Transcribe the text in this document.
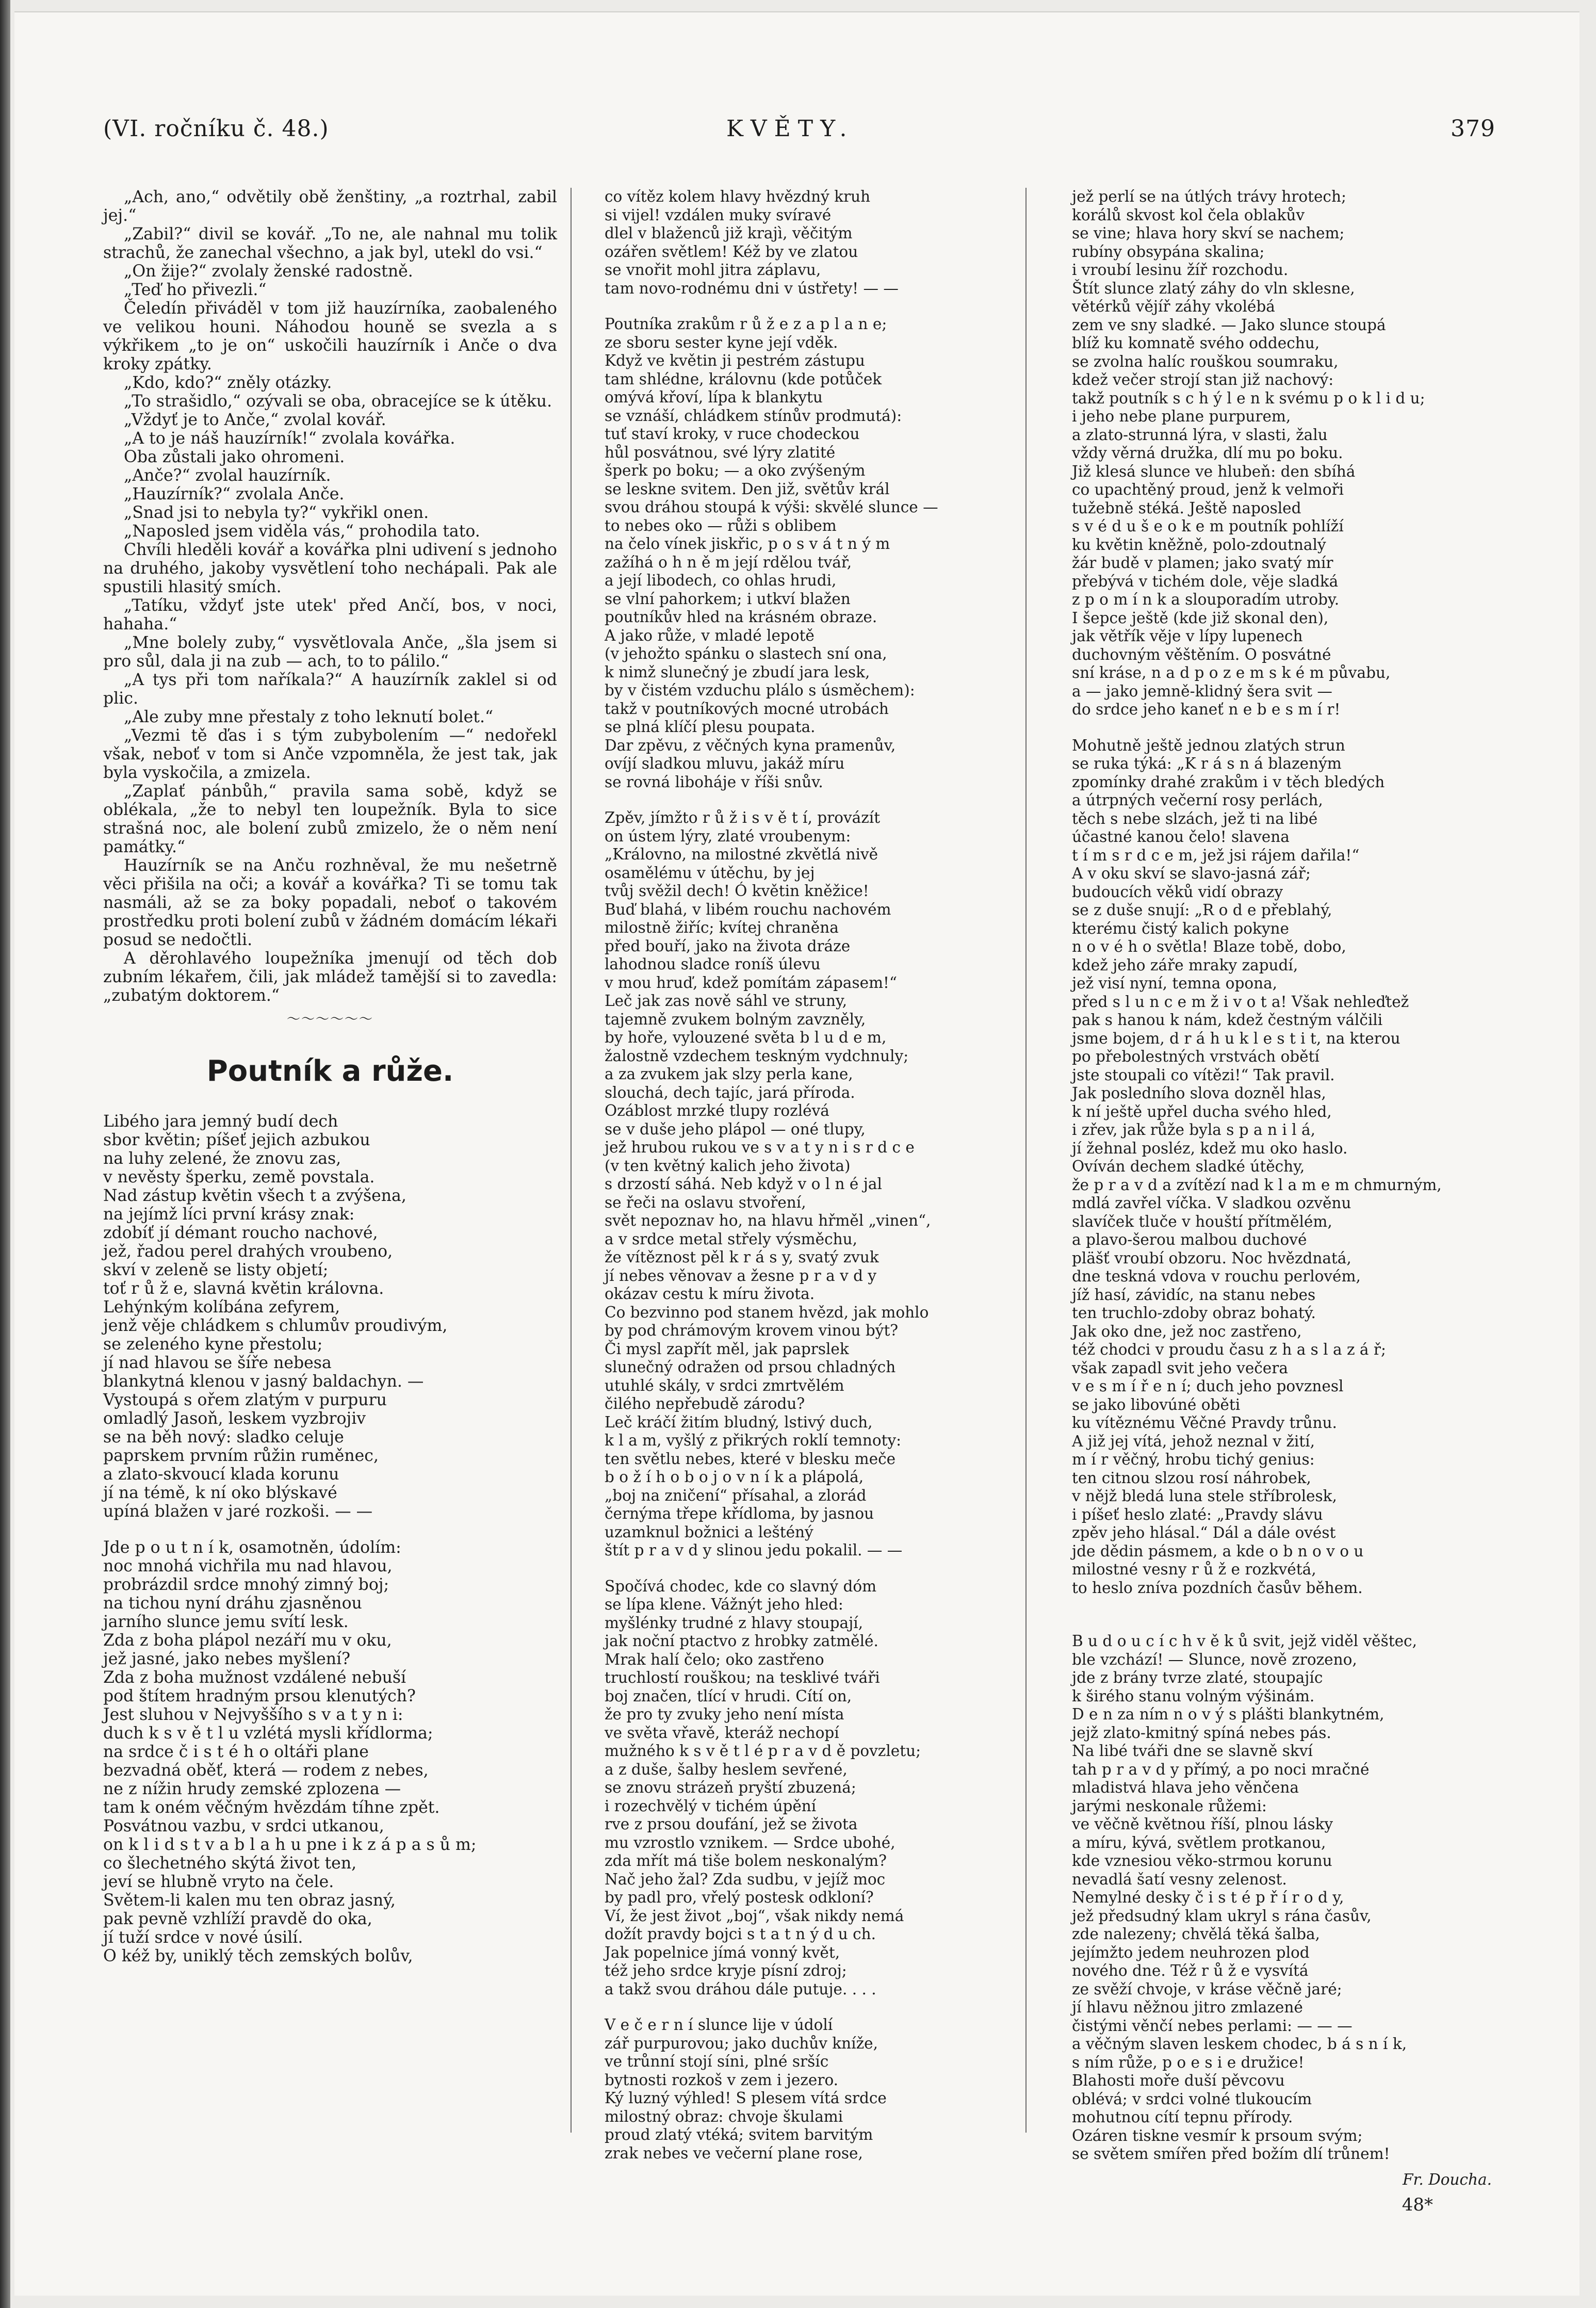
(VI. ročníku č. 48.)	KVĚTY.	379

„Ach, ano,“ odvětily obě ženštiny, „a roztrhal, zabil jej.“

„Zabil?“ divil se kovář. „To ne, ale nahnal mu tolik strachů, že zanechal všechno, a jak byl, utekl do vsi.“

„On žije?“ zvolaly ženské radostně.

„Teď ho přivezli.“

Čeledín přiváděl v tom již hauzírníka, zaobaleného ve velikou houni. Náhodou houně se svezla a s výkřikem „to je on“ uskočili hauzírník i Anče o dva kroky zpátky.

„Kdo, kdo?“ zněly otázky.

„To strašidlo,“ ozývali se oba, obracejíce se k útěku.

„Vždyť je to Anče,“ zvolal kovář.

„A to je náš hauzírník!“ zvolala kovářka.

Oba zůstali jako ohromeni.

„Anče?“ zvolal hauzírník.

„Hauzírník?“ zvolala Anče.

„Snad jsi to nebyla ty?“ vykřikl onen.

„Naposled jsem viděla vás,“ prohodila tato.

Chvíli hleděli kovář a kovářka plni udivení s jednoho na druhého, jakoby vysvětlení toho nechápali. Pak ale spustili hlasitý smích.

„Tatíku, vždyť jste utek' před Ančí, bos, v noci, hahaha.“

„Mne bolely zuby,“ vysvětlovala Anče, „šla jsem si pro sůl, dala ji na zub — ach, to to pálilo.“

„A tys při tom naříkala?“ A hauzírník zaklel si od plic.

„Ale zuby mne přestaly z toho leknutí bolet.“

„Vezmi tě ďas i s tým zubybolením —“ nedořekl však, neboť v tom si Anče vzpomněla, že jest tak, jak byla vyskočila, a zmizela.

„Zaplať pánbůh,“ pravila sama sobě, když se oblékala, „že to nebyl ten loupežník. Byla to sice strašná noc, ale bolení zubů zmizelo, že o něm není památky.“

Hauzírník se na Anču rozhněval, že mu nešetrně věci přišila na oči; a kovář a kovářka? Ti se tomu tak nasmáli, až se za boky popadali, neboť o takovém prostředku proti bolení zubů v žádném domácím lékaři posud se nedočtli.

A děrohlavého loupežníka jmenují od těch dob zubním lékařem, čili, jak mládež tamější si to zavedla: „zubatým doktorem.“

〜〜〜〜〜〜
Poutník a růže.

Libého jara jemný budí dech
sbor květin; píšeť jejich azbukou
na luhy zelené, že znovu zas,
v nevěsty šperku, země povstala.
Nad zástup květin všech t a zvýšena,
na jejímž líci první krásy znak:
zdobíť jí démant roucho nachové,
jež, řadou perel drahých vroubeno,
skví v zeleně se listy objetí;
toť r ů ž e, slavná květin královna.
Lehýnkým kolíbána zefyrem,
jenž věje chládkem s chlumův proudivým,
se zeleného kyne přestolu;
jí nad hlavou se šíře nebesa
blankytná klenou v jasný baldachyn. —
Vystoupá s ořem zlatým v purpuru
omladlý Jasoň, leskem vyzbrojiv
se na běh nový: sladko celuje
paprskem prvním růžin ruměnec,
a zlato-skvoucí klada korunu
jí na témě, k ní oko blýskavé
upíná blažen v jaré rozkoši. — —

Jde p o u t n í k, osamotněn, údolím:
noc mnohá vichřila mu nad hlavou,
probrázdil srdce mnohý zimný boj;
na tichou nyní dráhu zjasněnou
jarního slunce jemu svítí lesk.
Zda z boha plápol nezáří mu v oku,
jež jasné, jako nebes myšlení?
Zda z boha mužnost vzdálené nebuší
pod štítem hradným prsou klenutých?
Jest sluhou v Nejvyššího s v a t y n i:
duch k s v ě t l u vzlétá mysli křídlorma;
na srdce č i s t é h o oltáři plane
bezvadná oběť, která — rodem z nebes,
ne z nížin hrudy zemské zplozena —
tam k oném věčným hvězdám tíhne zpět.
Posvátnou vazbu, v srdci utkanou,
on k l i d s t v a b l a h u pne i k z á p a s ů m;
co šlechetného skýtá život ten,
jeví se hlubně vryto na čele.
Světem-li kalen mu ten obraz jasný,
pak pevně vzhlíží pravdě do oka,
jí tuží srdce v nové úsilí.
O kéž by, uniklý těch zemských bolův,

co vítěz kolem hlavy hvězdný kruh
si vijel! vzdálen muky svíravé
dlel v blaženců již krajì, věčitým
ozářen světlem! Kéž by ve zlatou
se vnořit mohl jitra záplavu,
tam novo-rodnému dni v ústřety! — —

Poutníka zrakům r ů ž e z a p l a n e;
ze sboru sester kyne její vděk.
Když ve květin ji pestrém zástupu
tam shlédne, královnu (kde potůček
omývá křoví, lípa k blankytu
se vznáší, chládkem stínův prodmutá):
tuť staví kroky, v ruce chodeckou
hůl posvátnou, své lýry zlatité
šperk po boku; — a oko zvýšeným
se leskne svitem. Den již, světův král
svou dráhou stoupá k výši: skvělé slunce —
to nebes oko — růži s oblibem
na čelo vínek jiskřic, p o s v á t n ý m
zažíhá o h n ě m její rdělou tvář,
a její libodech, co ohlas hrudi,
se vlní pahorkem; i utkví blažen
poutníkův hled na krásném obraze.
A jako růže, v mladé lepotě
(v jehožto spánku o slastech sní ona,
k nimž slunečný je zbudí jara lesk,
by v čistém vzduchu plálo s úsměchem):
takž v poutníkových mocné utrobách
se plná klíčí plesu poupata.
Dar zpěvu, z věčných kyna pramenův,
ovíjí sladkou mluvu, jakáž míru
se rovná liboháje v říši snův.

Zpěv, jímžto r ů ž i s v ě t í, provázít
on ústem lýry, zlaté vroubenym:
„Královno, na milostné zkvětlá nivě
osamělému v útěchu, by jej
tvůj svěžil dech! Ó květin kněžice!
Buď blahá, v libém rouchu nachovém
milostně žiříc; kvítej chraněna
před bouří, jako na života dráze
lahodnou sladce roníš úlevu
v mou hruď, kdež pomítám zápasem!“
Leč jak zas nově sáhl ve struny,
tajemně zvukem bolným zavzněly,
by hoře, vylouzené světa b l u d e m,
žalostně vzdechem teskným vydchnuly;
a za zvukem jak slzy perla kane,
slouchá, dech tajíc, jará příroda.
Ozáblost mrzké tlupy rozlévá
se v duše jeho plápol — oné tlupy,
jež hrubou rukou ve s v a t y n i s r d c e
(v ten květný kalich jeho života)
s drzostí sáhá. Neb když v o l n é jal
se řeči na oslavu stvoření,
svět nepoznav ho, na hlavu hřměl „vinen“,
a v srdce metal střely výsměchu,
že vítěznost pěl k r á s y, svatý zvuk
jí nebes věnovav a žesne p r a v d y
okázav cestu k míru života.
Co bezvinno pod stanem hvězd, jak mohlo
by pod chrámovým krovem vinou být?
Či mysl zapřít měl, jak paprslek
slunečný odražen od prsou chladných
utuhlé skály, v srdci zmrtvělém
čilého nepřebudě zárodu?
Leč kráčí žitím bludný, lstivý duch,
k l a m, vyšlý z přikrých roklí temnoty:
ten světlu nebes, které v blesku meče
b o ž í h o b o j o v n í k a plápolá,
„boj na zničení“ přísahal, a zlorád
černýma třepe křídloma, by jasnou
uzamknul božnici a lešténý
štít p r a v d y slinou jedu pokalil. — —

Spočívá chodec, kde co slavný dóm
se lípa klene. Vážnýt jeho hled:
myšlénky trudné z hlavy stoupají,
jak noční ptactvo z hrobky zatmělé.
Mrak halí čelo; oko zastřeno
truchlostí rouškou; na tesklivé tváři
boj značen, tlící v hrudi. Cítí on,
že pro ty zvuky jeho není místa
ve světa vřavě, kteráž nechopí
mužného k s v ě t l é p r a v d ě povzletu;
a z duše, šalby heslem sevřené,
se znovu strázeň pryští zbuzená;
i rozechvělý v tichém úpění
rve z prsou doufání, jež se života
mu vzrostlo vznikem. — Srdce ubohé,
zda mřít má tiše bolem neskonalým?
Nač jeho žal? Zda sudbu, v jejíž moc
by padl pro, vřelý postesk odkloní?
Ví, že jest život „boj“, však nikdy nemá
dožít pravdy bojci s t a t n ý d u ch.
Jak popelnice jímá vonný květ,
též jeho srdce kryje písní zdroj;
a takž svou dráhou dále putuje. . . .

V e č e r n í slunce lije v údolí
zář purpurovou; jako duchův kníže,
ve trůnní stojí síni, plné sršíc
bytnosti rozkoš v zem i jezero.
Ký luzný výhled! S plesem vítá srdce
milostný obraz: chvoje škulami
proud zlatý vtéká; svitem barvitým
zrak nebes ve večerní plane rose,

jež perlí se na útlých trávy hrotech;
korálů skvost kol čela oblakův
se vine; hlava hory skví se nachem;
rubíny obsypána skalina;
i vroubí lesinu žíř rozchodu.
Štít slunce zlatý záhy do vln sklesne,
větérků vějíř záhy vkolébá
zem ve sny sladké. — Jako slunce stoupá
blíž ku komnatě svého oddechu,
se zvolna halíc rouškou soumraku,
kdež večer strojí stan již nachový:
takž poutník s c h ý l e n k svému p o k l i d u;
i jeho nebe plane purpurem,
a zlato-strunná lýra, v slasti, žalu
vždy věrná družka, dlí mu po boku.
Již klesá slunce ve hlubeň: den sbíhá
co upachtěný proud, jenž k velmoři
tužebně stéká. Ještě naposled
s v é d u š e o k e m poutník pohlíží
ku květin kněžně, polo-zdoutnalý
žár budě v plamen; jako svatý mír
přebývá v tichém dole, věje sladká
z p o m í n k a slouporadím utroby.
I šepce ještě (kde již skonal den),
jak větřík věje v lípy lupenech
duchovným věštěním. O posvátné
sní kráse, n a d p o z e m s k é m půvabu,
a — jako jemně-klidný šera svit —
do srdce jeho kaneť n e b e s m í r!

Mohutně ještě jednou zlatých strun
se ruka týká: „K r á s n á blazeným
zpomínky drahé zrakům i v těch bledých
a útrpných večerní rosy perlách,
těch s nebe slzách, jež ti na libé
účastné kanou čelo! slavena
t í m s r d c e m, jež jsi rájem dařila!“
A v oku skví se slavo-jasná zář;
budoucích věků vidí obrazy
se z duše snují: „R o d e přeblahý,
kterému čistý kalich pokyne
n o v é h o světla! Blaze tobě, dobo,
kdež jeho záře mraky zapudí,
jež visí nyní, temna opona,
před s l u n c e m ž i v o t a! Však nehleďtež
pak s hanou k nám, kdež čestným válčili
jsme bojem, d r á h u k l e s t i t, na kterou
po přebolestných vrstvách obětí
jste stoupali co vítězi!“ Tak pravil.
Jak posledního slova dozněl hlas,
k ní ještě upřel ducha svého hled,
i zřev, jak růže byla s p a n i l á,
jí žehnal posléz, kdež mu oko haslo.
Ovíván dechem sladké útěchy,
že p r a v d a zvítězí nad k l a m e m chmurným,
mdlá zavřel víčka. V sladkou ozvěnu
slavíček tluče v houští přítmělém,
a plavo-šerou malbou duchové
pläšť vroubí obzoru. Noc hvězdnatá,
dne teskná vdova v rouchu perlovém,
jíž hasí, závidíc, na stanu nebes
ten truchlo-zdoby obraz bohatý.
Jak oko dne, jež noc zastřeno,
též chodci v proudu času z h a s l a z á ř;
však zapadl svit jeho večera
v e s m í ř e n í; duch jeho povznesl
se jako libovúné oběti
ku vítěznému Věčné Pravdy trůnu.
A již jej vítá, jehož neznal v žití,
m í r věčný, hrobu tichý genius:
ten citnou slzou rosí náhrobek,
v nějž bledá luna stele stříbrolesk,
i píšeť heslo zlaté: „Pravdy slávu
zpěv jeho hlásal.“ Dál a dále ovést
jde dědin pásmem, a kde o b n o v o u
milostné vesny r ů ž e rozkvétá,
to heslo zníva pozdních časův během.

B u d o u c í c h v ě k ů svit, jejž viděl věštec,
ble vzchází! — Slunce, nově zrozeno,
jde z brány tvrze zlaté, stoupajíc
k širého stanu volným výšinám.
D e n za ním n o v ý s plášti blankytném,
jejž zlato-kmitný spíná nebes pás.
Na libé tváři dne se slavně skví
tah p r a v d y přímý, a po noci mračné
mladistvá hlava jeho věnčena
jarými neskonale růžemi:
ve věčně květnou říší, plnou lásky
a míru, kývá, světlem protkanou,
kde vznesiou věko-strmou korunu
nevadlá šatí vesny zelenost.
Nemylné desky č i s t é p ř í r o d y,
jež předsudný klam ukryl s rána časův,
zde nalezeny; chvělá těká šalba,
jejímžto jedem neuhrozen plod
nového dne. Též r ů ž e vysvítá
ze svěží chvoje, v kráse věčně jaré;
jí hlavu něžnou jitro zmlazené
čistými věnčí nebes perlami: — — —
a věčným slaven leskem chodec, b á s n í k,
s ním růže, p o e s i e družice!
Blahosti moře duší pěvcovu
oblévá; v srdci volné tlukoucím
mohutnou cítí tepnu přírody.
Ozáren tiskne vesmír k prsoum svým;
se světem smířen před božím dlí trůnem!

Fr. Doucha.
48*
